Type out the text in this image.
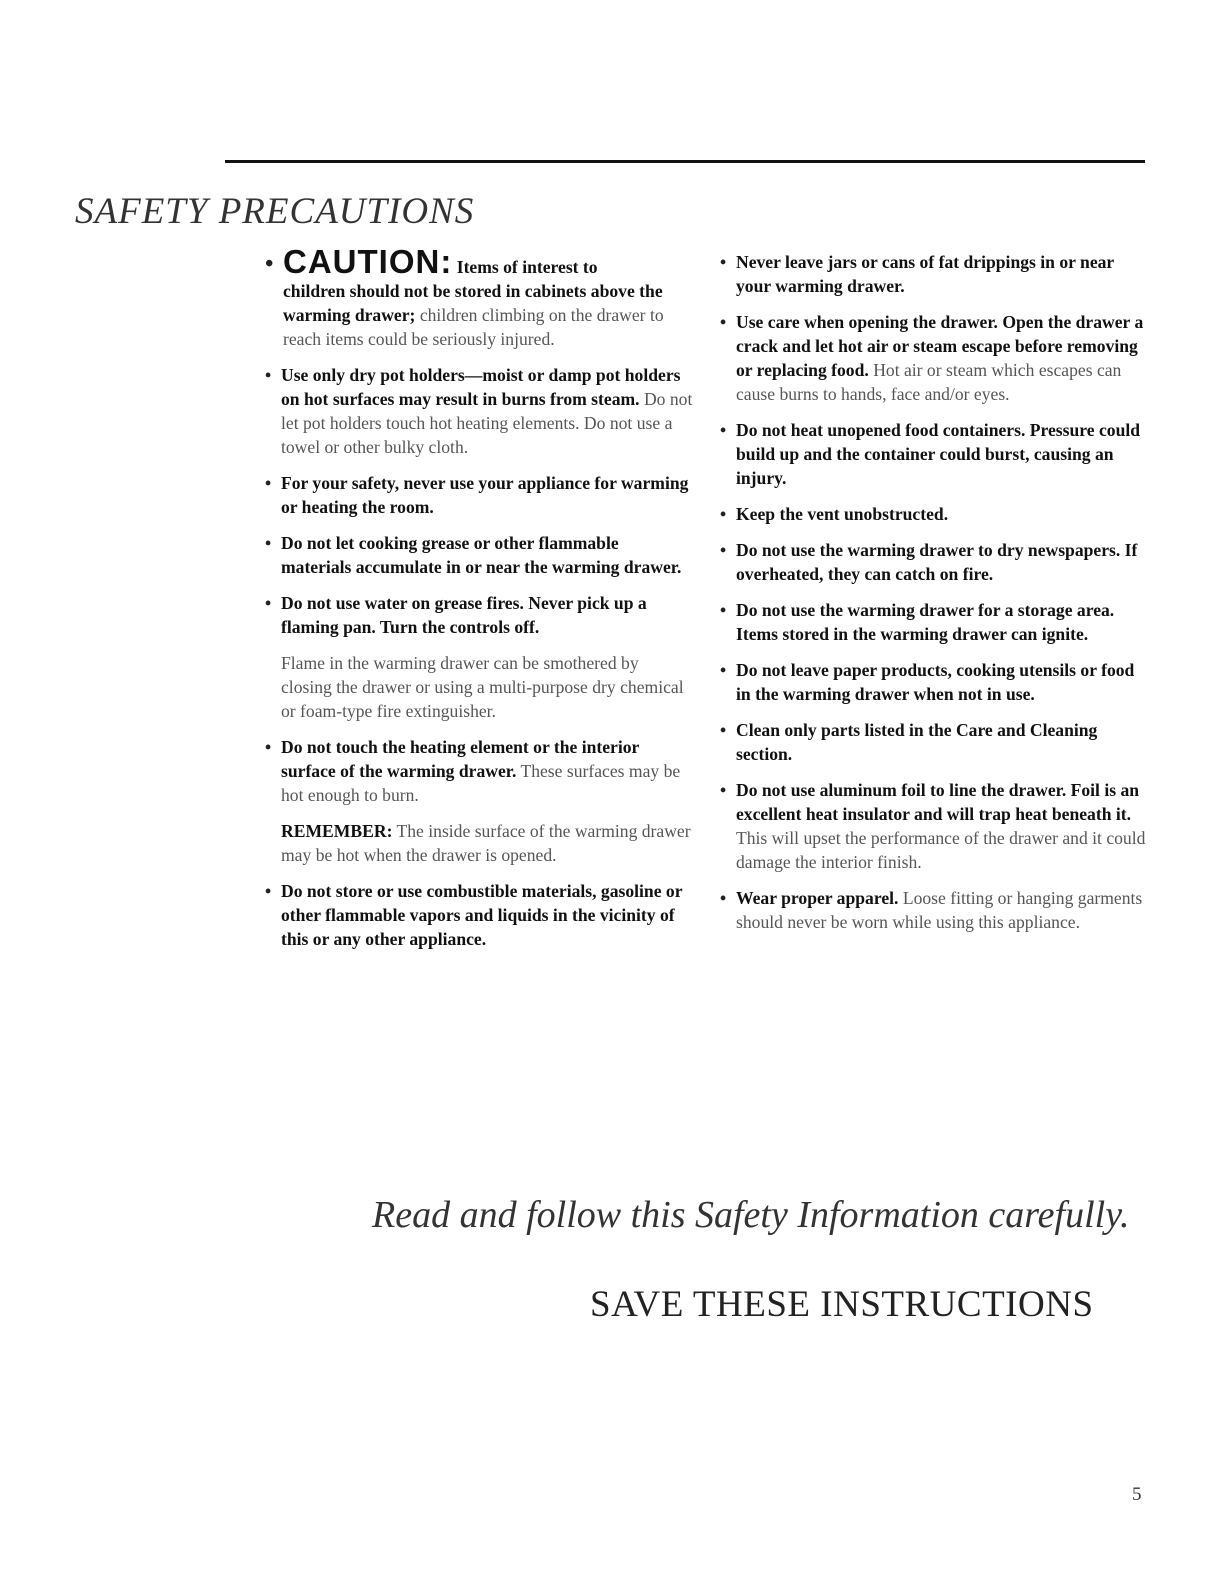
SAFETY PRECAUTIONS
• CAUTION: Items of interest to
children should not be stored in cabinets above the warming drawer; children climbing on the drawer to reach items could be seriously injured.
• Use only dry pot holders—moist or damp pot holders on hot surfaces may result in burns from steam. Do not let pot holders touch hot heating elements. Do not use a towel or other bulky cloth.
• For your safety, never use your appliance for warming or heating the room.
• Do not let cooking grease or other flammable materials accumulate in or near the warming drawer.
• Do not use water on grease fires. Never pick up a flaming pan. Turn the controls off.

Flame in the warming drawer can be smothered by closing the drawer or using a multi-purpose dry chemical or foam-type fire extinguisher.

• Do not touch the heating element or the interior surface of the warming drawer. These surfaces may be hot enough to burn.

REMEMBER: The inside surface of the warming drawer may be hot when the drawer is opened.

• Do not store or use combustible materials, gasoline or other flammable vapors and liquids in the vicinity of this or any other appliance.
• Never leave jars or cans of fat drippings in or near your warming drawer.
• Use care when opening the drawer. Open the drawer a crack and let hot air or steam escape before removing or replacing food. Hot air or steam which escapes can cause burns to hands, face and/or eyes.
• Do not heat unopened food containers. Pressure could build up and the container could burst, causing an injury.
• Keep the vent unobstructed.
• Do not use the warming drawer to dry newspapers. If overheated, they can catch on fire.
• Do not use the warming drawer for a storage area. Items stored in the warming drawer can ignite.
• Do not leave paper products, cooking utensils or food in the warming drawer when not in use.
• Clean only parts listed in the Care and Cleaning section.
• Do not use aluminum foil to line the drawer. Foil is an excellent heat insulator and will trap heat beneath it. This will upset the performance of the drawer and it could damage the interior finish.
• Wear proper apparel. Loose fitting or hanging garments should never be worn while using this appliance.
Read and follow this Safety Information carefully.
SAVE THESE INSTRUCTIONS
5
